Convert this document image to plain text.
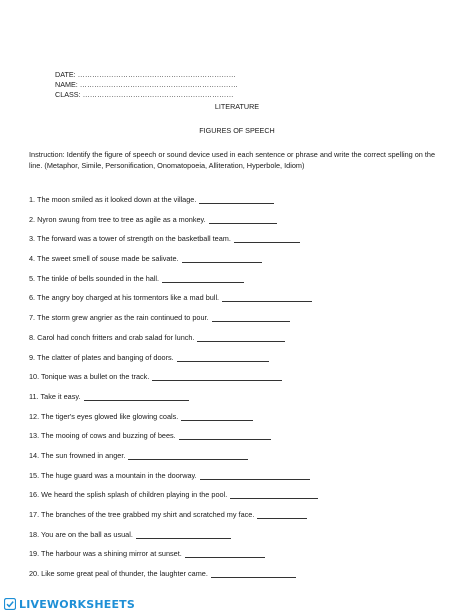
DATE: …………………………………………………………
NAME: …………………………………………………………
CLASS: ………………………………………………………
LITERATURE
FIGURES OF SPEECH
Instruction: Identify the figure of speech or sound device used in each sentence or phrase and write the correct spelling on the line. (Metaphor, Simile, Personification, Onomatopoeia, Alliteration, Hyperbole, Idiom)
1. The moon smiled as it looked down at the village.
2. Nyron swung from tree to tree as agile as a monkey.
3. The forward was a tower of strength on the basketball team.
4. The sweet smell of souse made be salivate.
5. The tinkle of bells sounded in the hall.
6. The angry boy charged at his tormentors like a mad bull.
7. The storm grew angrier as the rain continued to pour.
8. Carol had conch fritters and crab salad for lunch.
9. The clatter of plates and banging of doors.
10. Tonique was a bullet on the track.
11. Take it easy.
12. The tiger's eyes glowed like glowing coals.
13. The mooing of cows and buzzing of bees.
14. The sun frowned in anger.
15. The huge guard was a mountain in the doorway.
16. We heard the splish splash of children playing in the pool.
17. The branches of the tree grabbed my shirt and scratched my face.
18. You are on the ball as usual.
19. The harbour was a shining mirror at sunset.
20. Like some great peal of thunder, the laughter came.
LIVEWORKSHEETS
